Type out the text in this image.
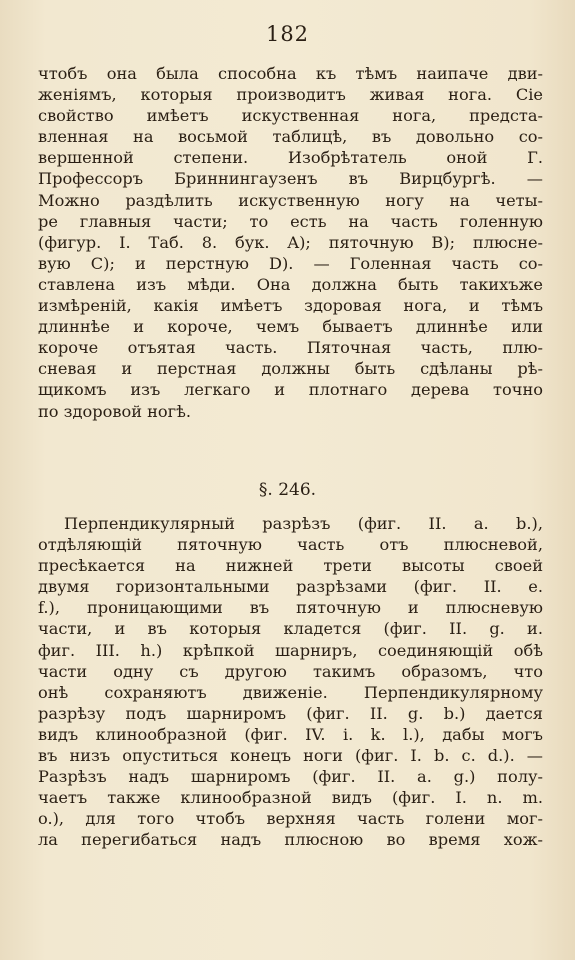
182
чтобъ она была способна къ тѣмъ наипаче дви-
женіямъ, которыя производитъ живая нога. Сіе
свойство имѣетъ искуственная нога, предста-
вленная на восьмой таблицѣ, въ довольно со-
вершенной степени. Изобрѣтатель оной Г.
Профессоръ Бриннингаузенъ въ Вирцбургѣ. —
Можно раздѣлить искуственную ногу на четы-
ре главныя части; то есть на часть голенную
(фигур. I. Таб. 8. бук. A); пяточную B); плюсне-
вую C); и перстную D). — Голенная часть со-
ставлена изъ мѣди. Она должна быть такихъже
измѣреній, какія имѣетъ здоровая нога, и тѣмъ
длиннѣе и короче, чемъ бываетъ длиннѣе или
короче отъятая часть. Пяточная часть, плю-
сневая и перстная должны быть сдѣланы рѣ-
щикомъ изъ легкаго и плотнаго дерева точно
по здоровой ногѣ.
§. 246.
Перпендикулярный разрѣзъ (фиг. II. a. b.),
отдѣляющій пяточную часть отъ плюсневой,
пресѣкается на нижней трети высоты своей
двумя горизонтальными разрѣзами (фиг. II. e.
f.), проницающими въ пяточную и плюсневую
части, и въ которыя кладется (фиг. II. g. и.
фиг. III. h.) крѣпкой шарниръ, соединяющій обѣ
части одну съ другою такимъ образомъ, что
онѣ сохраняютъ движеніе. Перпендикулярному
разрѣзу подъ шарниромъ (фиг. II. g. b.) дается
видъ клинообразной (фиг. IV. i. k. l.), дабы могъ
въ низъ опуститься конецъ ноги (фиг. I. b. c. d.). —
Разрѣзъ надъ шарниромъ (фиг. II. a. g.) полу-
чаетъ также клинообразной видъ (фиг. I. n. m.
o.), для того чтобъ верхняя часть голени мог-
ла перегибаться надъ плюсною во время хож-
